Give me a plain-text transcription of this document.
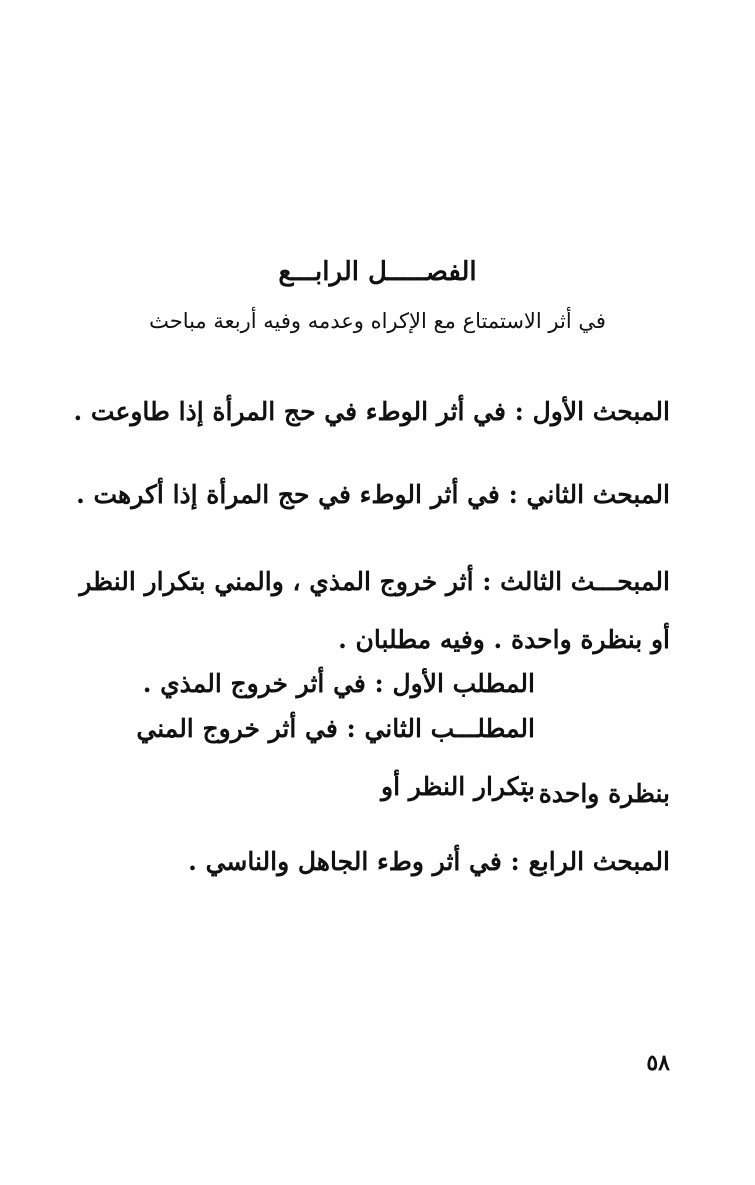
الفصـــــل الرابـــع
في أثر الاستمتاع مع الإكراه وعدمه وفيه أربعة مباحث
المبحث الأول : في أثر الوطء في حج المرأة إذا طاوعت .
المبحث الثاني : في أثر الوطء في حج المرأة إذا أكرهت .
المبحـــث الثالث : أثر خروج المذي ، والمني بتكرار النظر أو بنظرة واحدة . وفيه مطلبان .
المطلب الأول : في أثر خروج المذي .
المطلـــب الثاني : في أثر خروج المني بتكرار النظر أو
بنظرة واحدة .
المبحث الرابع : في أثر وطء الجاهل والناسي .
٥٨
